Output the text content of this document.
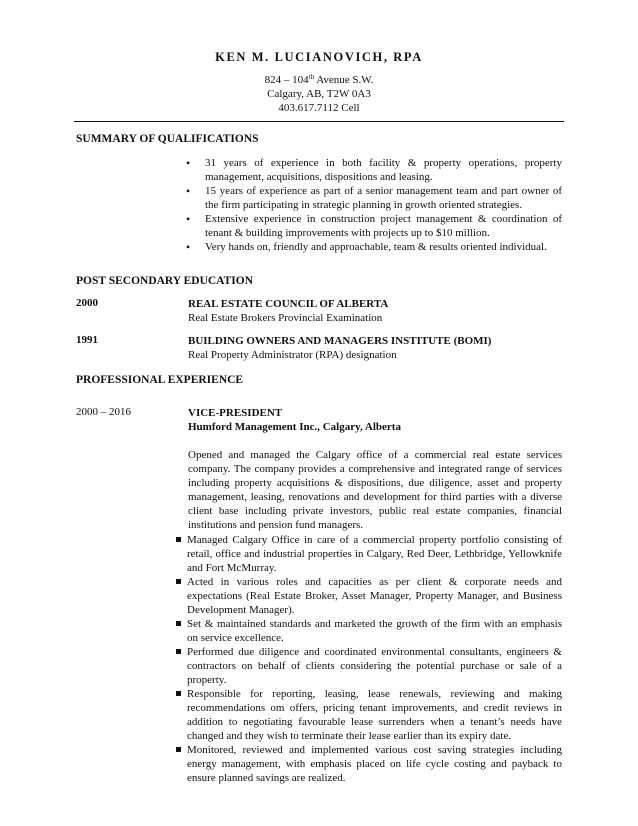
KEN M. LUCIANOVICH, RPA
824 – 104th Avenue S.W.
Calgary, AB, T2W 0A3
403.617.7112 Cell
SUMMARY OF QUALIFICATIONS
• 31 years of experience in both facility & property operations, property management, acquisitions, dispositions and leasing.
• 15 years of experience as part of a senior management team and part owner of the firm participating in strategic planning in growth oriented strategies.
• Extensive experience in construction project management & coordination of tenant & building improvements with projects up to $10 million.
• Very hands on, friendly and approachable, team & results oriented individual.
POST SECONDARY EDUCATION
2000	REAL ESTATE COUNCIL OF ALBERTA
Real Estate Brokers Provincial Examination
1991	BUILDING OWNERS AND MANAGERS INSTITUTE (BOMI)
Real Property Administrator (RPA) designation
PROFESSIONAL EXPERIENCE
2000 – 2016	VICE-PRESIDENT
Humford Management Inc., Calgary, Alberta
Opened and managed the Calgary office of a commercial real estate services company. The company provides a comprehensive and integrated range of services including property acquisitions & dispositions, due diligence, asset and property management, leasing, renovations and development for third parties with a diverse client base including private investors, public real estate companies, financial institutions and pension fund managers.
Managed Calgary Office in care of a commercial property portfolio consisting of retail, office and industrial properties in Calgary, Red Deer, Lethbridge, Yellowknife and Fort McMurray.
Acted in various roles and capacities as per client & corporate needs and expectations (Real Estate Broker, Asset Manager, Property Manager, and Business Development Manager).
Set & maintained standards and marketed the growth of the firm with an emphasis on service excellence.
Performed due diligence and coordinated environmental consultants, engineers & contractors on behalf of clients considering the potential purchase or sale of a property.
Responsible for reporting, leasing, lease renewals, reviewing and making recommendations om offers, pricing tenant improvements, and credit reviews in addition to negotiating favourable lease surrenders when a tenant’s needs have changed and they wish to terminate their lease earlier than its expiry date.
Monitored, reviewed and implemented various cost saving strategies including energy management, with emphasis placed on life cycle costing and payback to ensure planned savings are realized.
